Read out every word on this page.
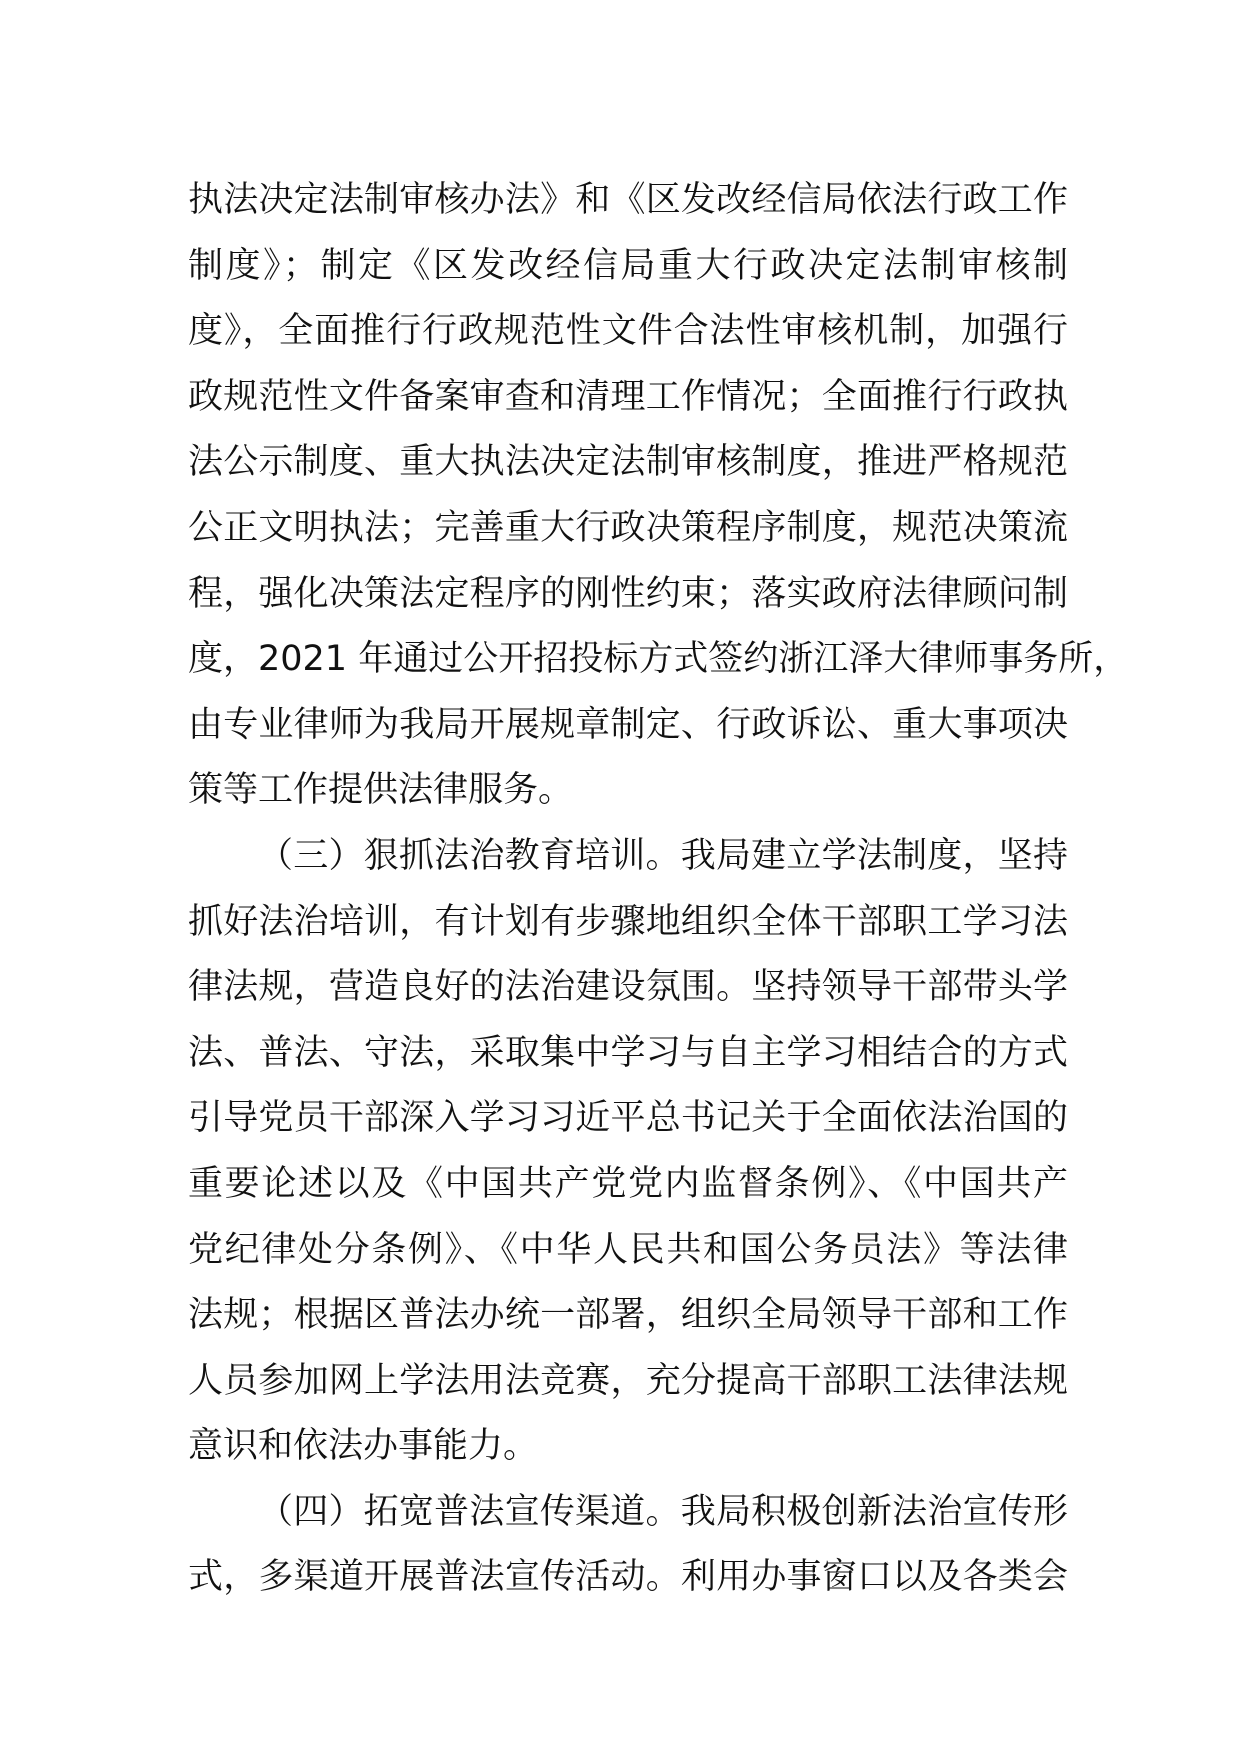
执法决定法制审核办法》和《区发改经信局依法行政工作
制度》；制定《区发改经信局重大行政决定法制审核制
度》，全面推行行政规范性文件合法性审核机制，加强行
政规范性文件备案审查和清理工作情况；全面推行行政执
法公示制度、重大执法决定法制审核制度，推进严格规范
公正文明执法；完善重大行政决策程序制度，规范决策流
程，强化决策法定程序的刚性约束；落实政府法律顾问制
度，2021 年通过公开招投标方式签约浙江泽大律师事务所，
由专业律师为我局开展规章制定、行政诉讼、重大事项决
策等工作提供法律服务。
（三）狠抓法治教育培训。我局建立学法制度，坚持
抓好法治培训，有计划有步骤地组织全体干部职工学习法
律法规，营造良好的法治建设氛围。坚持领导干部带头学
法、普法、守法，采取集中学习与自主学习相结合的方式
引导党员干部深入学习习近平总书记关于全面依法治国的
重要论述以及《中国共产党党内监督条例》、《中国共产
党纪律处分条例》、《中华人民共和国公务员法》等法律
法规；根据区普法办统一部署，组织全局领导干部和工作
人员参加网上学法用法竞赛，充分提高干部职工法律法规
意识和依法办事能力。
（四）拓宽普法宣传渠道。我局积极创新法治宣传形
式，多渠道开展普法宣传活动。利用办事窗口以及各类会
